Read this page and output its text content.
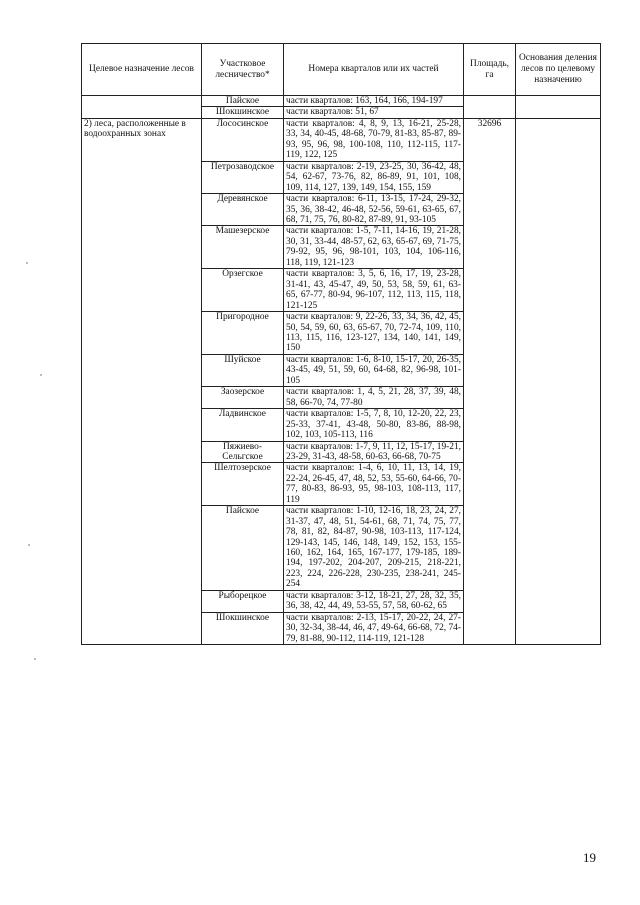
Целевое назначение лесов	Участковое лесничество*	Номера кварталов или их частей	Площадь, га	Основания деления лесов по целевому назначению
	Пайское	части кварталов: 163, 164, 166, 194-197		
	Шокшинское	части кварталов: 51, 67		
2) леса, расположенные в водоохранных зонах	Лососинское	части кварталов: 4, 8, 9, 13, 16-21, 25-28, 33, 34, 40-45, 48-68, 70-79, 81-83, 85-87, 89-93, 95, 96, 98, 100-108, 110, 112-115, 117-119, 122, 125	32696	
	Петрозаводское	части кварталов: 2-19, 23-25, 30, 36-42, 48, 54, 62-67, 73-76, 82, 86-89, 91, 101, 108, 109, 114, 127, 139, 149, 154, 155, 159		
	Деревянское	части кварталов: 6-11, 13-15, 17-24, 29-32, 35, 36, 38-42, 46-48, 52-56, 59-61, 63-65, 67, 68, 71, 75, 76, 80-82, 87-89, 91, 93-105		
	Машезерское	части кварталов: 1-5, 7-11, 14-16, 19, 21-28, 30, 31, 33-44, 48-57, 62, 63, 65-67, 69, 71-75, 79-92, 95, 96, 98-101, 103, 104, 106-116, 118, 119, 121-123		
	Орзегское	части кварталов: 3, 5, 6, 16, 17, 19, 23-28, 31-41, 43, 45-47, 49, 50, 53, 58, 59, 61, 63-65, 67-77, 80-94, 96-107, 112, 113, 115, 118, 121-125		
	Пригородное	части кварталов: 9, 22-26, 33, 34, 36, 42, 45, 50, 54, 59, 60, 63, 65-67, 70, 72-74, 109, 110, 113, 115, 116, 123-127, 134, 140, 141, 149, 150		
	Шуйское	части кварталов: 1-6, 8-10, 15-17, 20, 26-35, 43-45, 49, 51, 59, 60, 64-68, 82, 96-98, 101-105		
	Заозерское	части кварталов: 1, 4, 5, 21, 28, 37, 39, 48, 58, 66-70, 74, 77-80		
	Ладвинское	части кварталов: 1-5, 7, 8, 10, 12-20, 22, 23, 25-33, 37-41, 43-48, 50-80, 83-86, 88-98, 102, 103, 105-113, 116		
	Пяжиево-Сельгское	части кварталов: 1-7, 9, 11, 12, 15-17, 19-21, 23-29, 31-43, 48-58, 60-63, 66-68, 70-75		
	Шелтозерское	части кварталов: 1-4, 6, 10, 11, 13, 14, 19, 22-24, 26-45, 47, 48, 52, 53, 55-60, 64-66, 70-77, 80-83, 86-93, 95, 98-103, 108-113, 117, 119		
	Пайское	части кварталов: 1-10, 12-16, 18, 23, 24, 27, 31-37, 47, 48, 51, 54-61, 68, 71, 74, 75, 77, 78, 81, 82, 84-87, 90-98, 103-113, 117-124, 129-143, 145, 146, 148, 149, 152, 153, 155-160, 162, 164, 165, 167-177, 179-185, 189-194, 197-202, 204-207, 209-215, 218-221, 223, 224, 226-228, 230-235, 238-241, 245-254		
	Рыборецкое	части кварталов: 3-12, 18-21, 27, 28, 32, 35, 36, 38, 42, 44, 49, 53-55, 57, 58, 60-62, 65		
	Шокшинское	части кварталов: 2-13, 15-17, 20-22, 24, 27-30, 32-34, 38-44, 46, 47, 49-64, 66-68, 72, 74-79, 81-88, 90-112, 114-119, 121-128		
19
